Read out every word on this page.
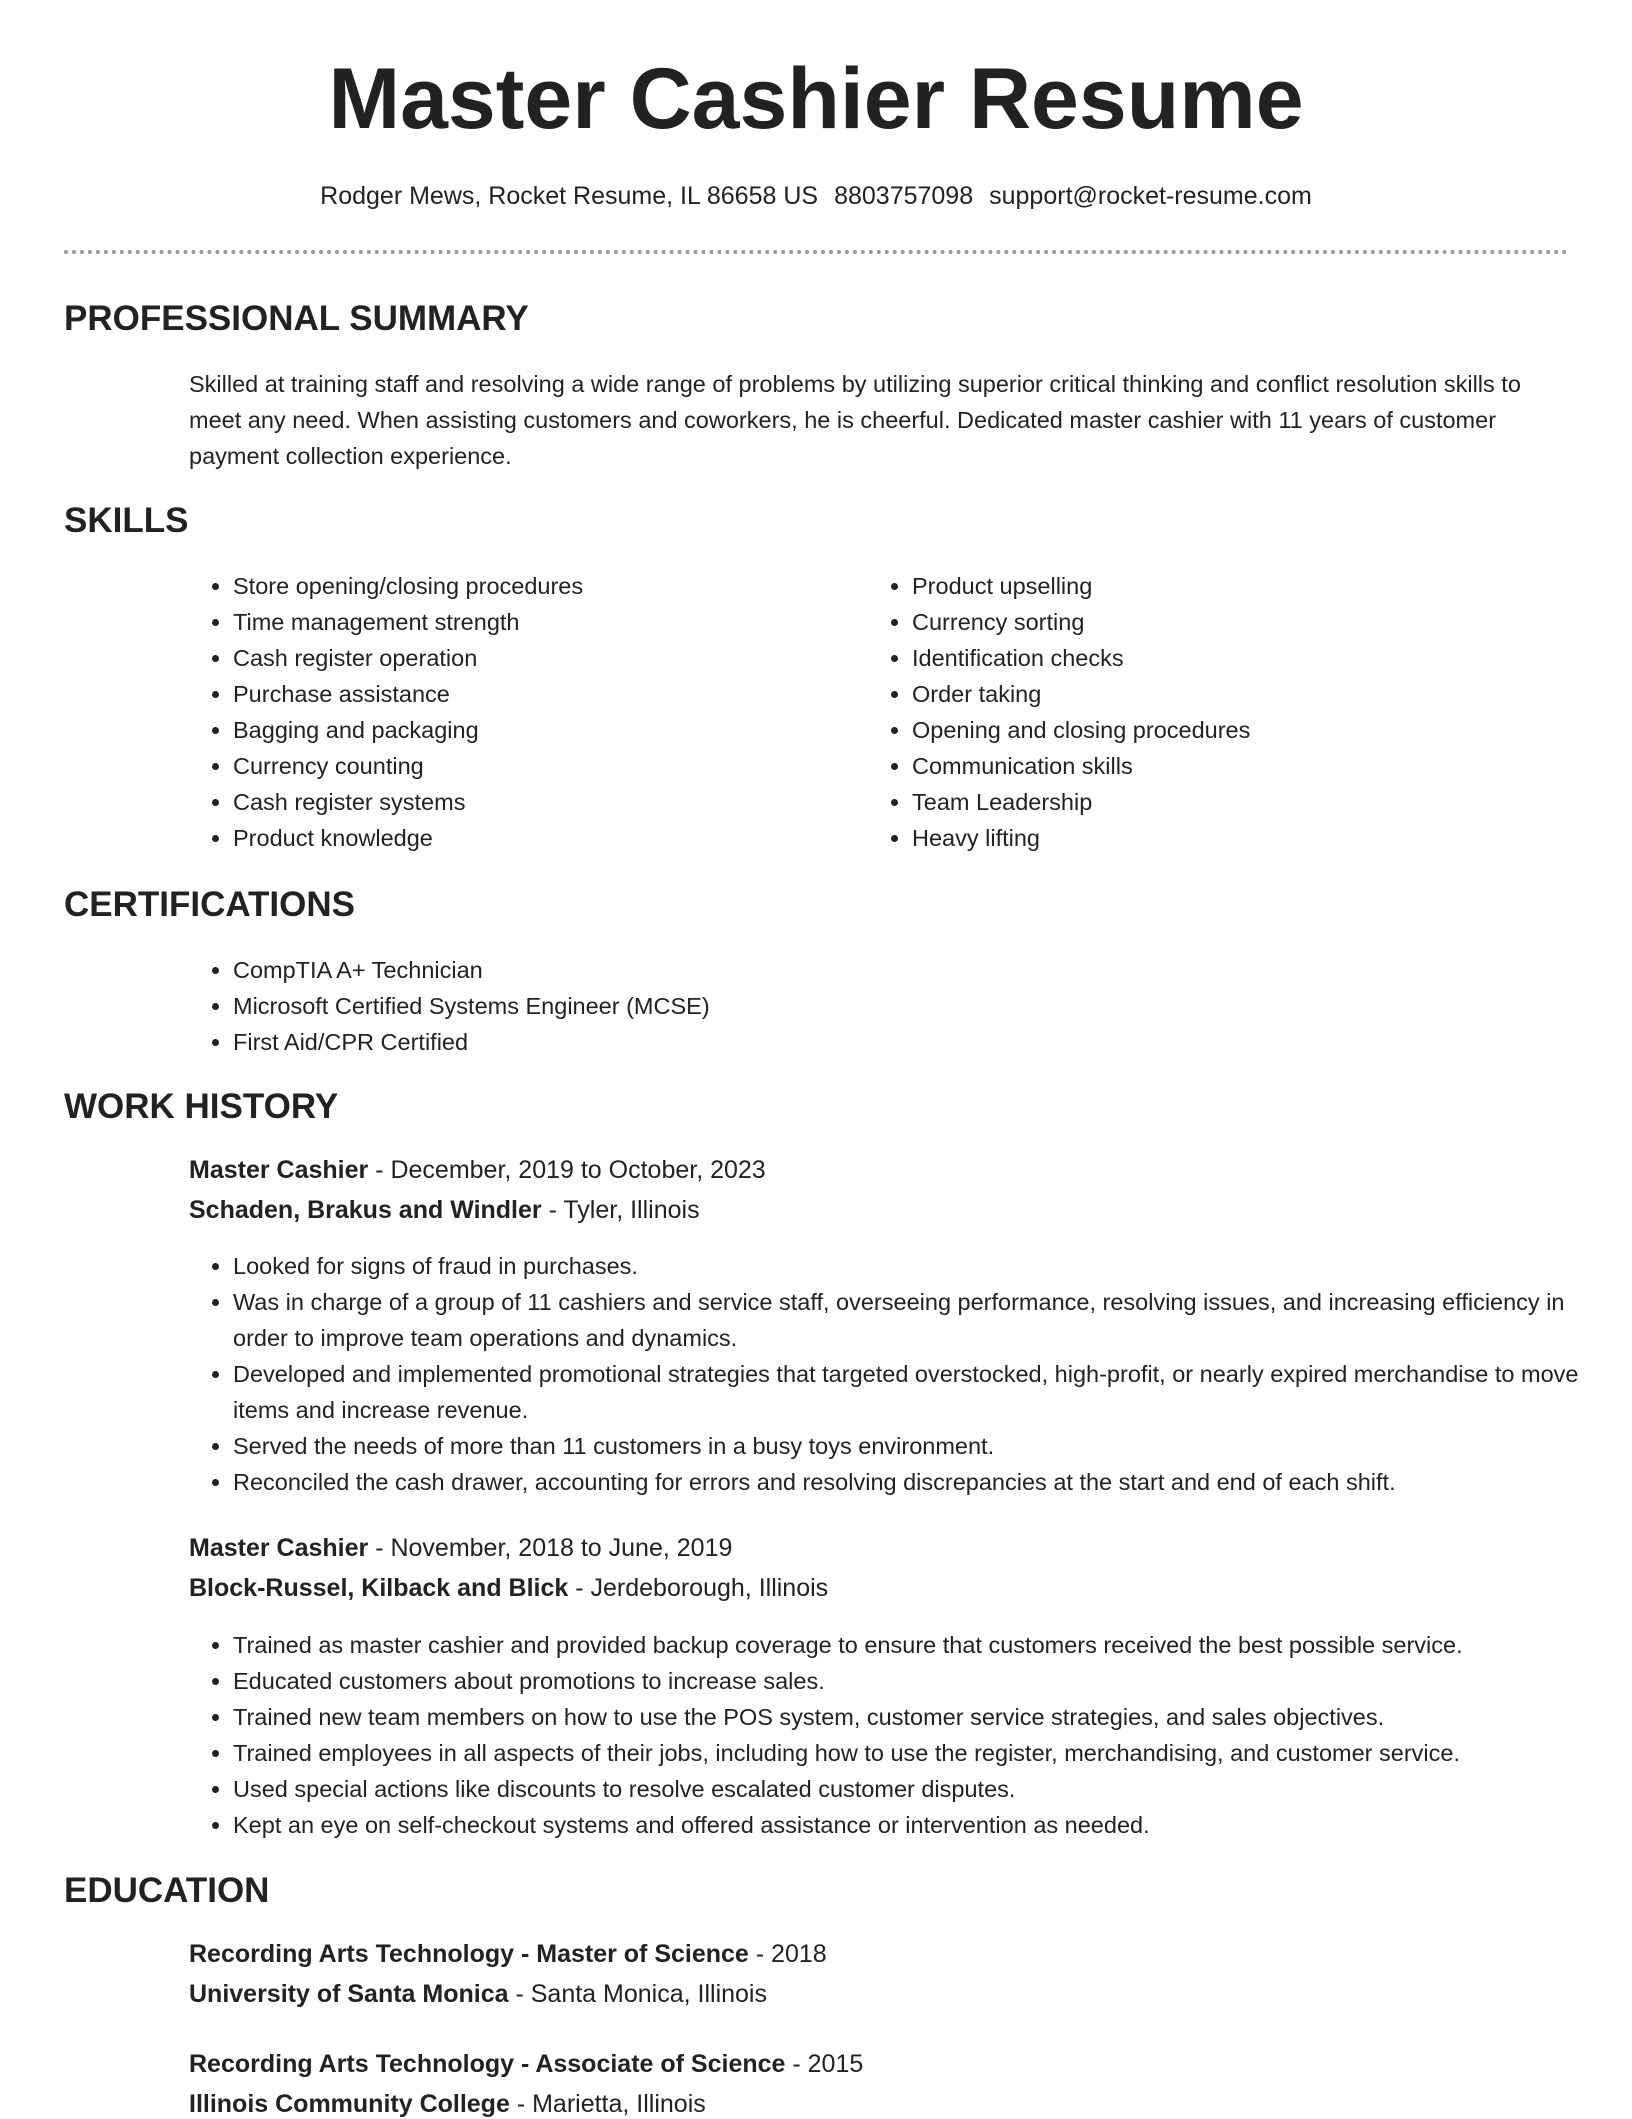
Master Cashier Resume
Rodger Mews, Rocket Resume, IL 86658 US 8803757098 support@rocket-resume.com
PROFESSIONAL SUMMARY

Skilled at training staff and resolving a wide range of problems by utilizing superior critical thinking and conflict resolution skills to meet any need. When assisting customers and coworkers, he is cheerful. Dedicated master cashier with 11 years of customer payment collection experience.

SKILLS
• Store opening/closing procedures
• Time management strength
• Cash register operation
• Purchase assistance
• Bagging and packaging
• Currency counting
• Cash register systems
• Product knowledge
• Product upselling
• Currency sorting
• Identification checks
• Order taking
• Opening and closing procedures
• Communication skills
• Team Leadership
• Heavy lifting
CERTIFICATIONS
• CompTIA A+ Technician
• Microsoft Certified Systems Engineer (MCSE)
• First Aid/CPR Certified
WORK HISTORY
Master Cashier - December, 2019 to October, 2023
Schaden, Brakus and Windler - Tyler, Illinois
• Looked for signs of fraud in purchases.
• Was in charge of a group of 11 cashiers and service staff, overseeing performance, resolving issues, and increasing efficiency in order to improve team operations and dynamics.
• Developed and implemented promotional strategies that targeted overstocked, high-profit, or nearly expired merchandise to move items and increase revenue.
• Served the needs of more than 11 customers in a busy toys environment.
• Reconciled the cash drawer, accounting for errors and resolving discrepancies at the start and end of each shift.
Master Cashier - November, 2018 to June, 2019
Block-Russel, Kilback and Blick - Jerdeborough, Illinois
• Trained as master cashier and provided backup coverage to ensure that customers received the best possible service.
• Educated customers about promotions to increase sales.
• Trained new team members on how to use the POS system, customer service strategies, and sales objectives.
• Trained employees in all aspects of their jobs, including how to use the register, merchandising, and customer service.
• Used special actions like discounts to resolve escalated customer disputes.
• Kept an eye on self-checkout systems and offered assistance or intervention as needed.
EDUCATION
Recording Arts Technology - Master of Science - 2018
University of Santa Monica - Santa Monica, Illinois
Recording Arts Technology - Associate of Science - 2015
Illinois Community College - Marietta, Illinois
